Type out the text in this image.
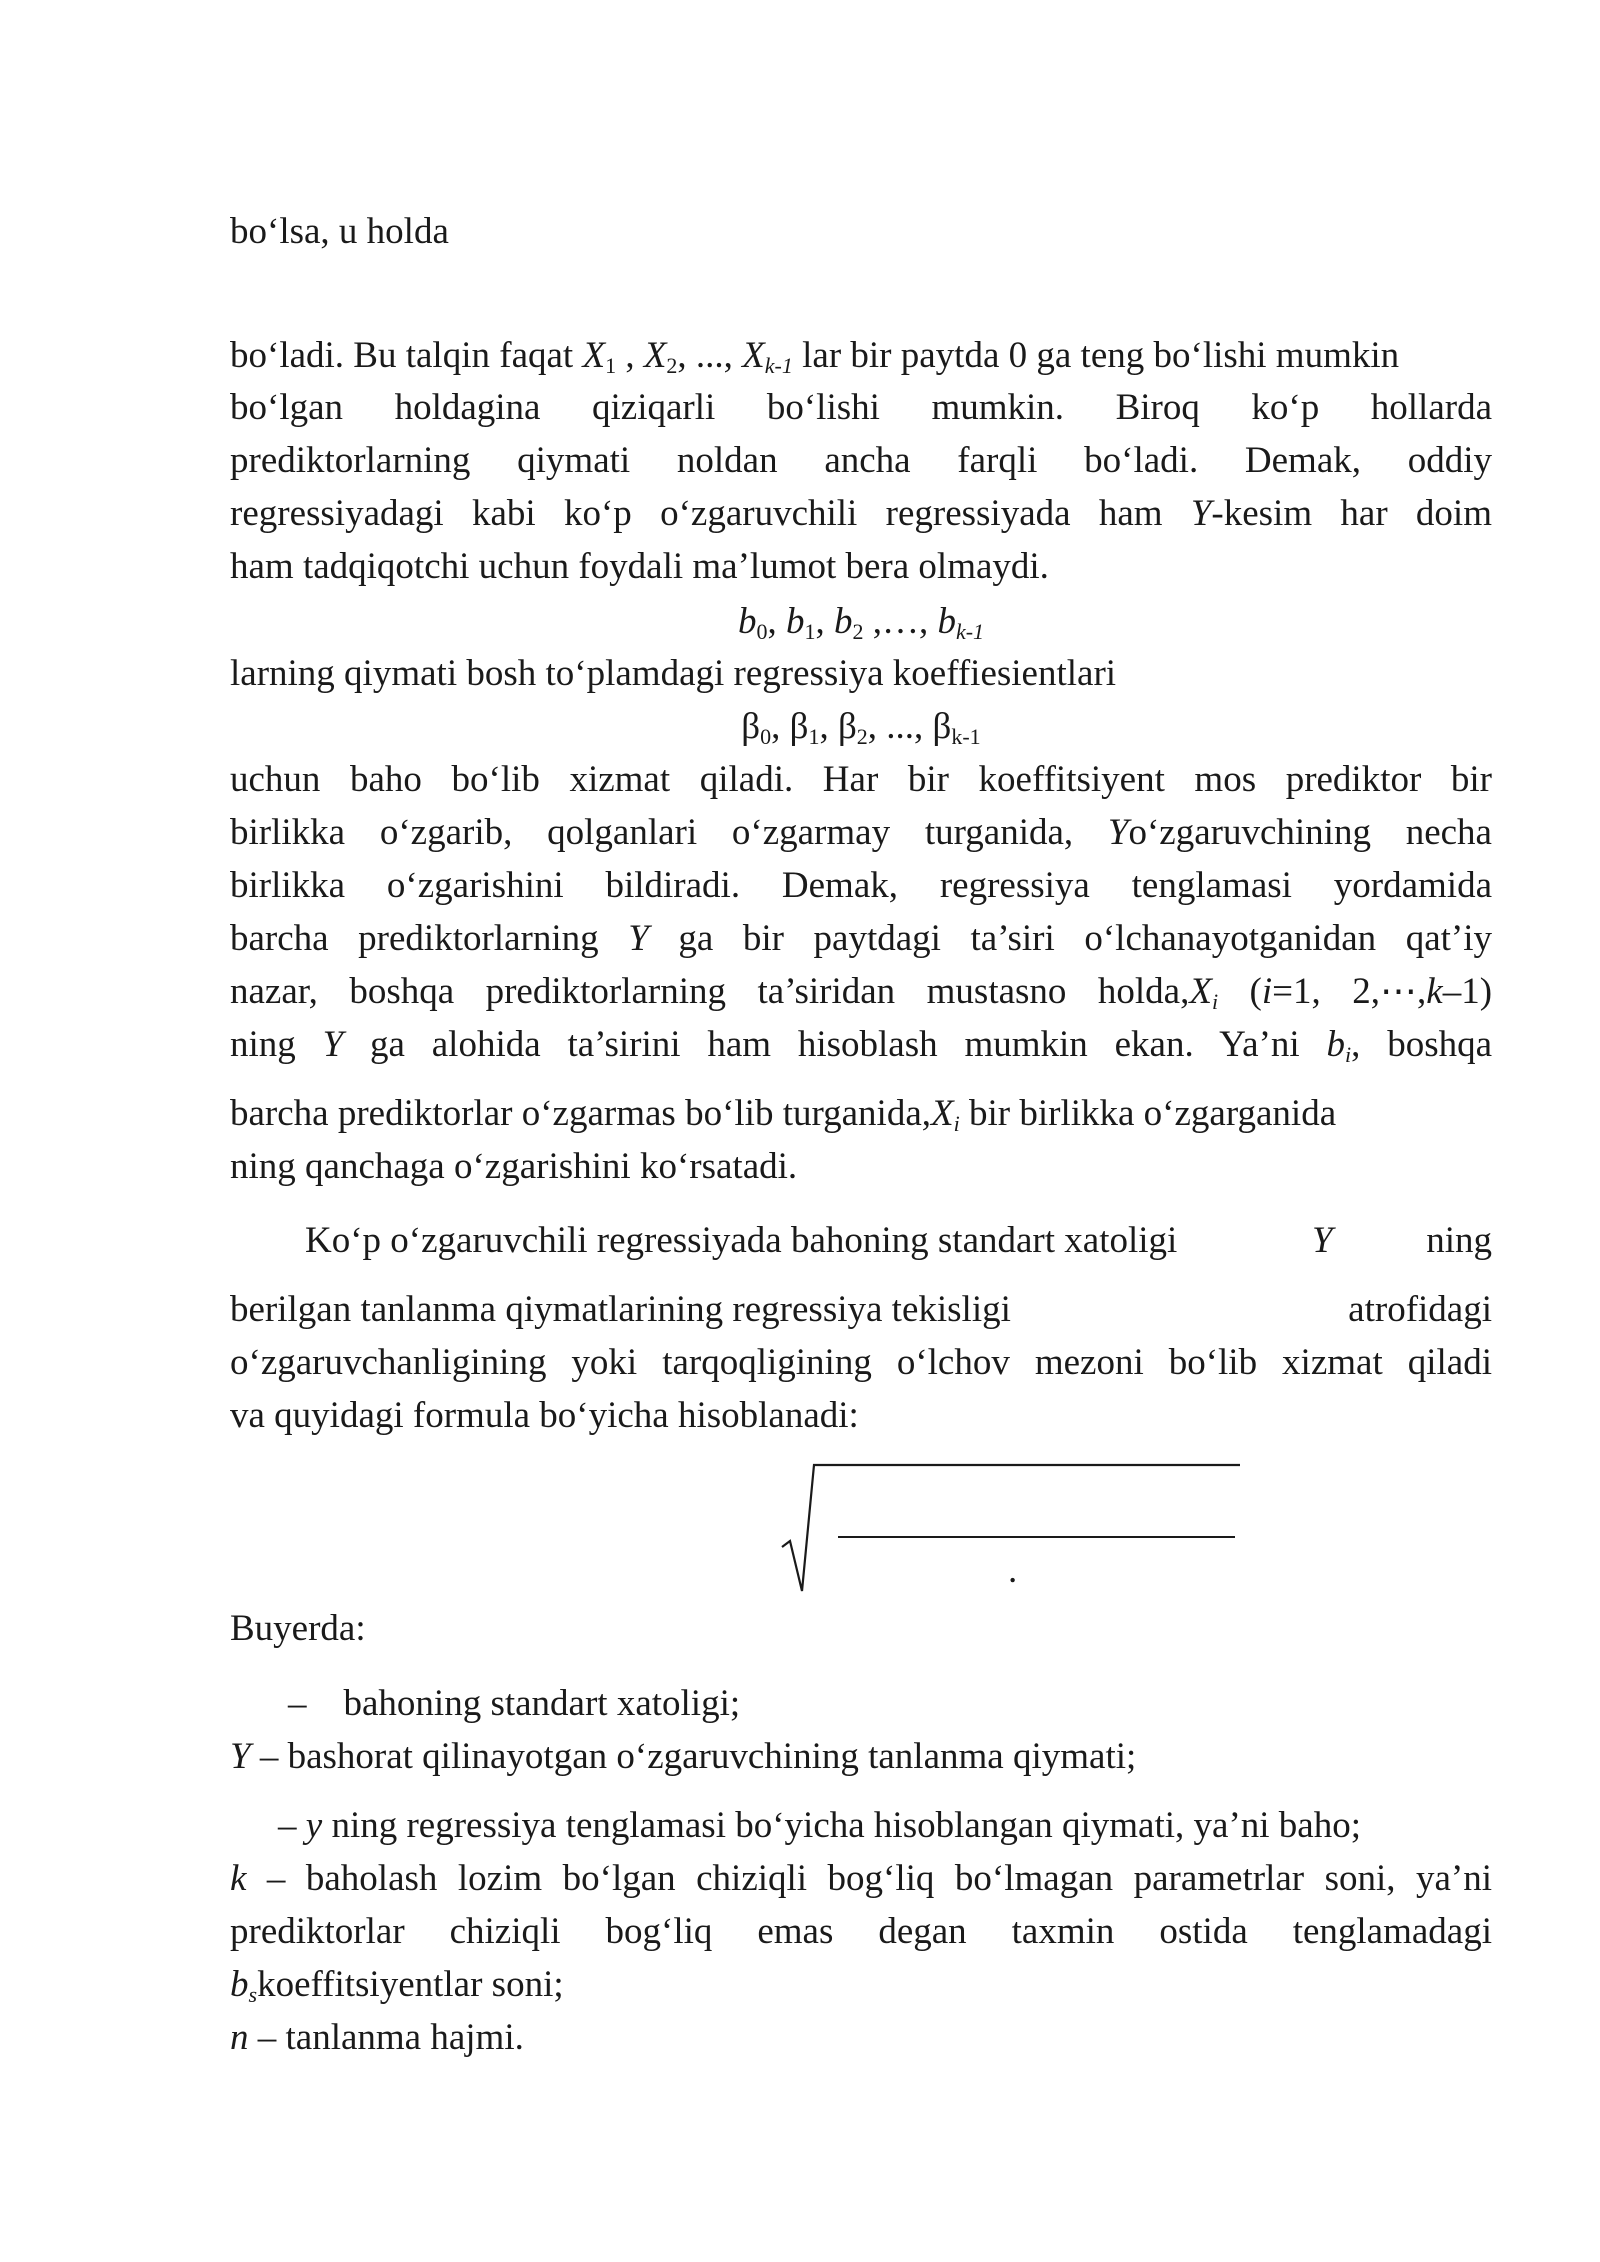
bo‘lsa, u holda
bo‘ladi. Bu talqin faqat $X_1$ , $X_2$, ..., $X_{k-1}$ lar bir paytda 0 ga teng bo‘lishi mumkin
bo‘lgan holdagina qiziqarli bo‘lishi mumkin. Biroq ko‘p hollarda
prediktorlarning qiymati noldan ancha farqli bo‘ladi. Demak, oddiy
regressiyadagi kabi ko‘p o‘zgaruvchili regressiyada ham Y-kesim har doim
ham tadqiqotchi uchun foydali ma’lumot bera olmaydi.
$b_0$, $b_1$, $b_2$ ,…, $b_{k-1}$
larning qiymati bosh to‘plamdagi regressiya koeffiesientlari
$\beta_0$, $\beta_1$, $\beta_2$, ..., $\beta_{k-1}$
uchun baho bo‘lib xizmat qiladi. Har bir koeffitsiyent mos prediktor bir
birlikka o‘zgarib, qolganlari o‘zgarmay turganida, Yo‘zgaruvchining necha
birlikka o‘zgarishini bildiradi. Demak, regressiya tenglamasi yordamida
barcha prediktorlarning Y ga bir paytdagi ta’siri o‘lchanayotganidan qat’iy
nazar, boshqa prediktorlarning ta’siridan mustasno $holda,X_i$ (i=1, 2,⋯,k–1)
ning Y ga alohida ta’sirini ham hisoblash mumkin ekan. Ya’ni $b_i$, boshqa
barcha prediktorlar o‘zgarmas bo‘lib $turganida,X_i$ bir birlikka o‘zgarganida
ning qanchaga o‘zgarishini ko‘rsatadi.
Ko‘p o‘zgaruvchili regressiyada bahoning standart xatoligi	Y	ning
berilgan tanlanma qiymatlarining regressiya tekisligi	atrofidagi
o‘zgaruvchanligining yoki tarqoqligining o‘lchov mezoni bo‘lib xizmat qiladi
va quyidagi formula bo‘yicha hisoblanadi:
.
Buyerda:
–    bahoning standart xatoligi;
Y – bashorat qilinayotgan o‘zgaruvchining tanlanma qiymati;
– y ning regressiya tenglamasi bo‘yicha hisoblangan qiymati, ya’ni baho;
k – baholash lozim bo‘lgan chiziqli bog‘liq bo‘lmagan parametrlar soni, ya’ni
prediktorlar chiziqli bog‘liq emas degan taxmin ostida tenglamadagi
$b_skoeffitsiyentlar$ soni;
n – tanlanma hajmi.
